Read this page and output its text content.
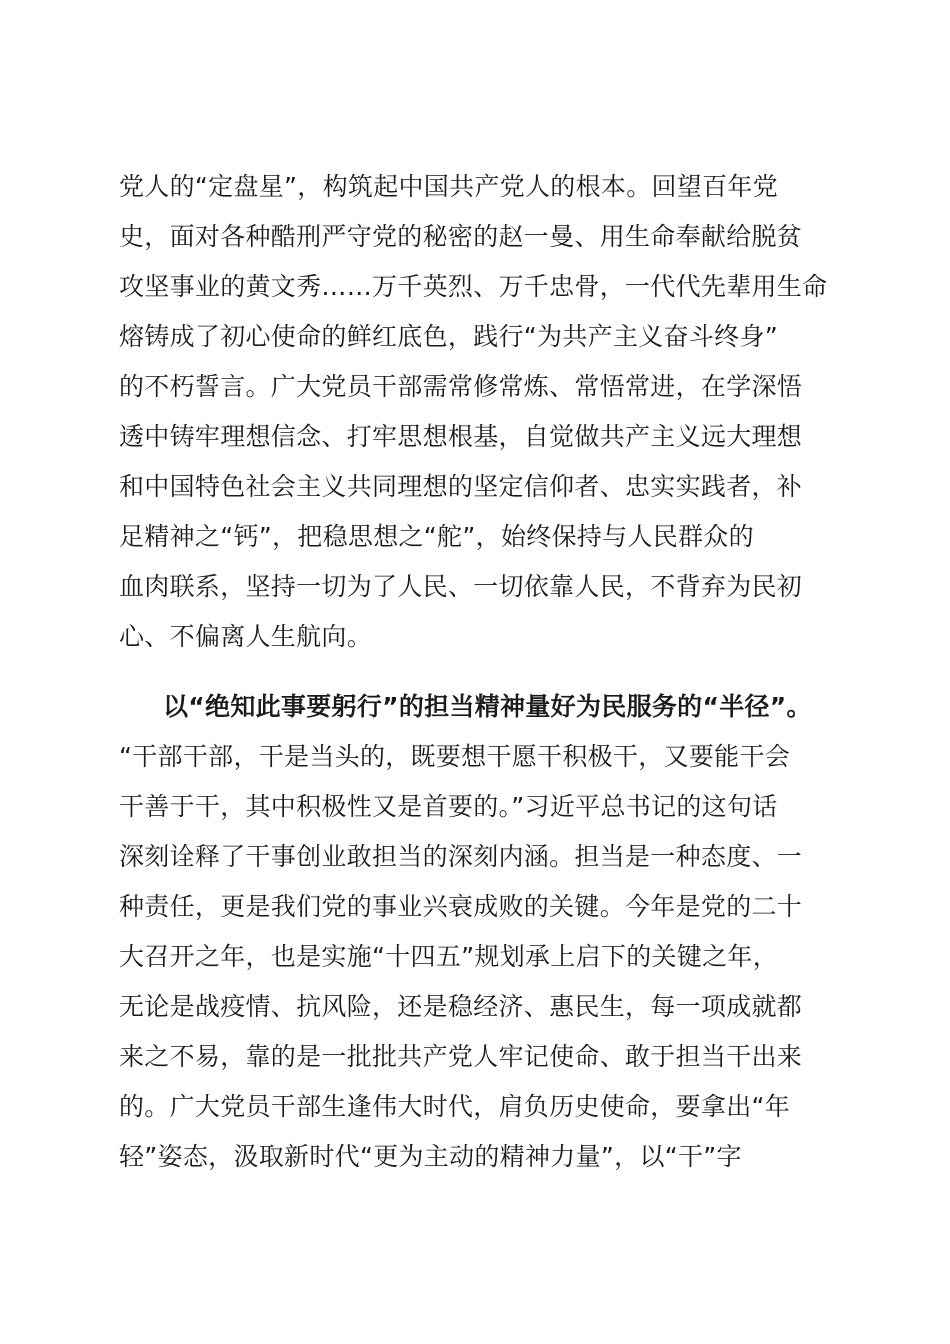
党人的“定盘星”，构筑起中国共产党人的根本。回望百年党
史，面对各种酷刑严守党的秘密的赵一曼、用生命奉献给脱贫
攻坚事业的黄文秀……万千英烈、万千忠骨，一代代先辈用生命
熔铸成了初心使命的鲜红底色，践行“为共产主义奋斗终身”
的不朽誓言。广大党员干部需常修常炼、常悟常进，在学深悟
透中铸牢理想信念、打牢思想根基，自觉做共产主义远大理想
和中国特色社会主义共同理想的坚定信仰者、忠实实践者，补
足精神之“钙”，把稳思想之“舵”，始终保持与人民群众的
血肉联系，坚持一切为了人民、一切依靠人民，不背弃为民初
心、不偏离人生航向。
以“绝知此事要躬行”的担当精神量好为民服务的“半径”。
“干部干部，干是当头的，既要想干愿干积极干，又要能干会
干善于干，其中积极性又是首要的。”习近平总书记的这句话
深刻诠释了干事创业敢担当的深刻内涵。担当是一种态度、一
种责任，更是我们党的事业兴衰成败的关键。今年是党的二十
大召开之年，也是实施“十四五”规划承上启下的关键之年，
无论是战疫情、抗风险，还是稳经济、惠民生，每一项成就都
来之不易，靠的是一批批共产党人牢记使命、敢于担当干出来
的。广大党员干部生逢伟大时代，肩负历史使命，要拿出“年
轻”姿态，汲取新时代“更为主动的精神力量”，以“干”字
